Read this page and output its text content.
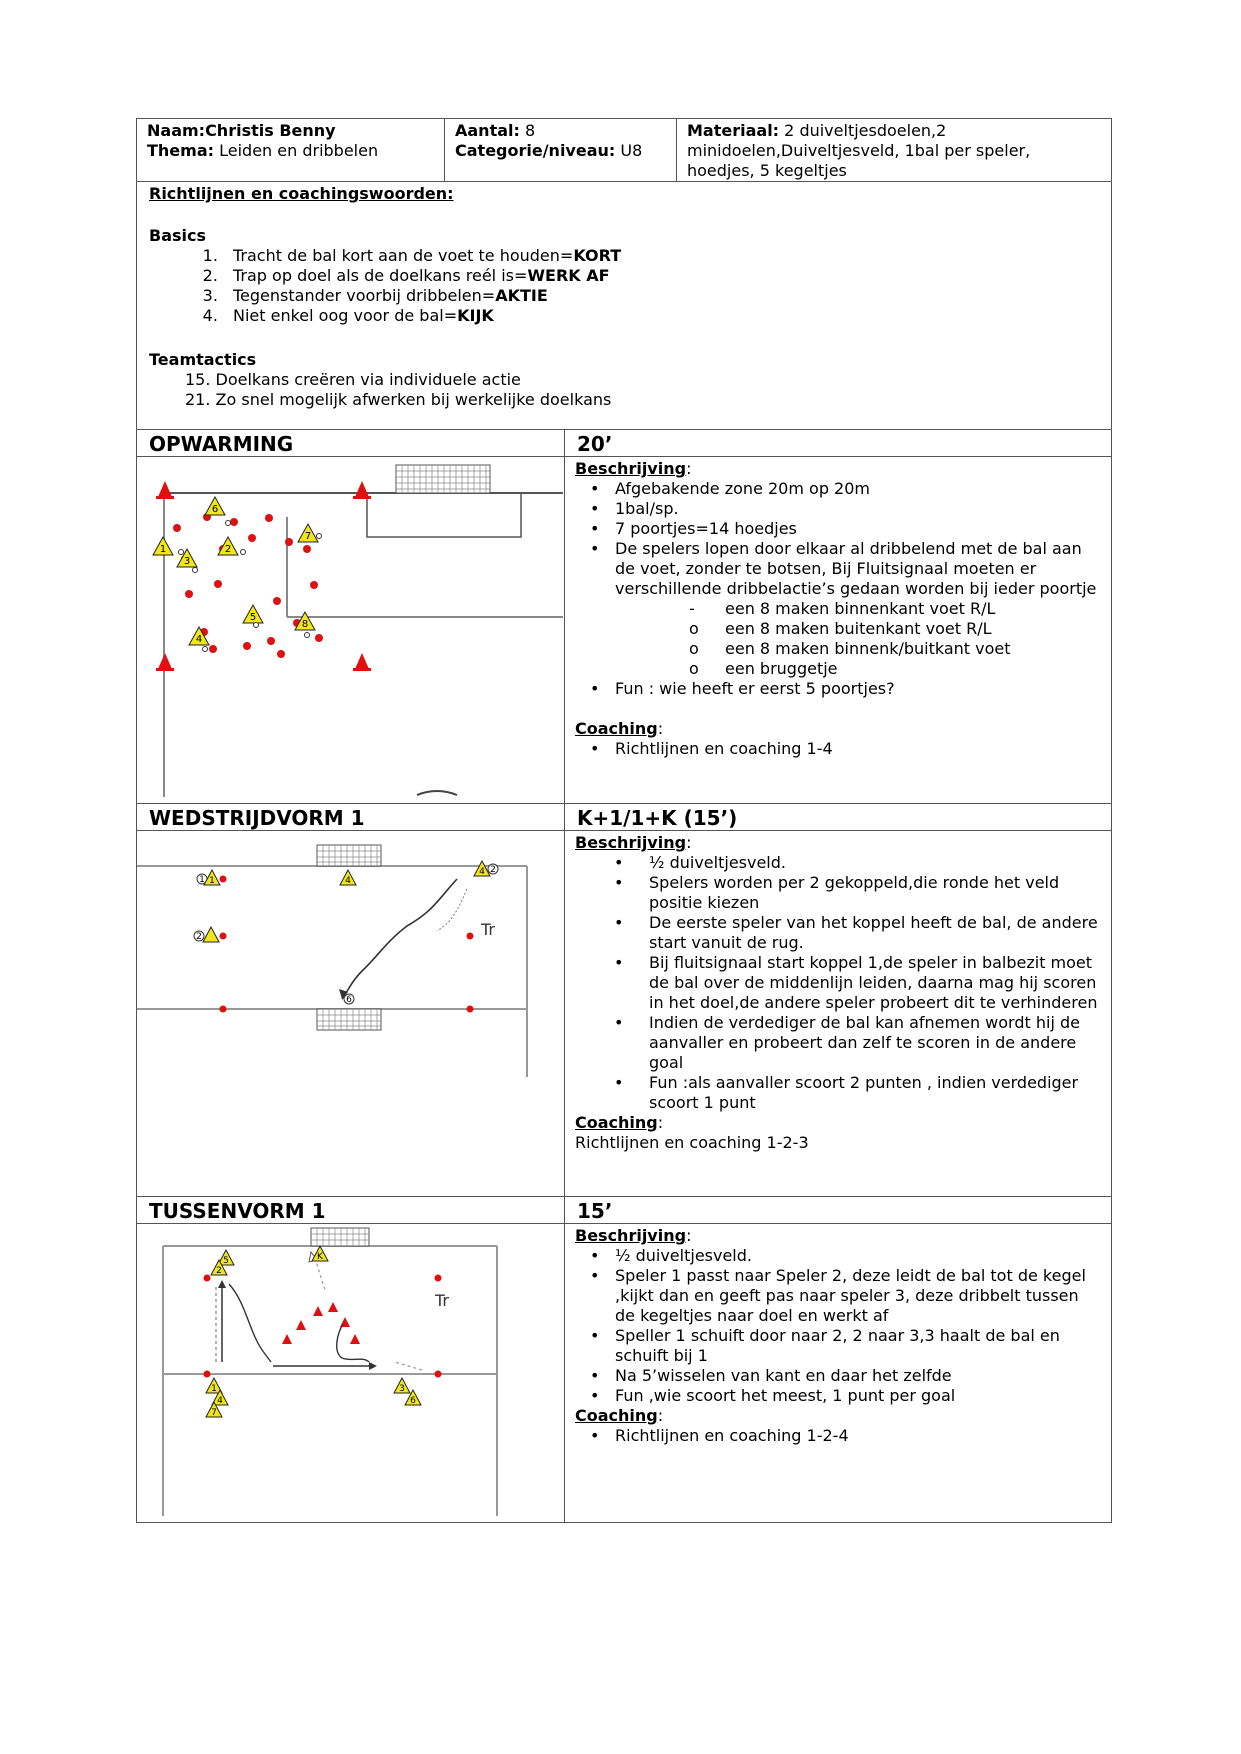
Naam:Christis Benny
Thema: Leiden en dribbelen
Aantal: 8
Categorie/niveau: U8
Materiaal: 2 duiveltjesdoelen,2 minidoelen,Duiveltjesveld, 1bal per speler, hoedjes, 5 kegeltjes
Richtlijnen en coachingswoorden:
Basics
1. Tracht de bal kort aan de voet te houden=KORT
2. Trap op doel als de doelkans reél is=WERK AF
3. Tegenstander voorbij dribbelen=AKTIE
4. Niet enkel oog voor de bal=KIJK
Teamtactics
15. Doelkans creëren via individuele actie
21. Zo snel mogelijk afwerken bij werkelijke doelkans
OPWARMING	20’
6
7
1	2
3
5
8
4
Beschrijving:
• Afgebakende zone 20m op 20m
• 1bal/sp.
• 7 poortjes=14 hoedjes
• De spelers lopen door elkaar al dribbelend met de bal aan de voet, zonder te botsen, Bij Fluitsignaal moeten er verschillende dribbelactie’s gedaan worden bij ieder poortje
- een 8 maken binnenkant voet R/L
o een 8 maken buitenkant voet R/L
o een 8 maken binnenk/buitkant voet
o een bruggetje
• Fun : wie heeft er eerst 5 poortjes?
Coaching:
• Richtlijnen en coaching 1-4
WEDSTRIJDVORM 1	K+1/1+K (15’)
Tr
1 1	4
4 2
2
6
Beschrijving:
• ½ duiveltjesveld.
• Spelers worden per 2 gekoppeld,die ronde het veld positie kiezen
• De eerste speler van het koppel heeft de bal, de andere start vanuit de rug.
• Bij fluitsignaal start koppel 1,de speler in balbezit moet de bal over de middenlijn leiden, daarna mag hij scoren in het doel,de andere speler probeert dit te verhinderen
• Indien de verdediger de bal kan afnemen wordt hij de aanvaller en probeert dan zelf te scoren in de andere goal
• Fun :als aanvaller scoort 2 punten , indien verdediger scoort 1 punt
Coaching:
Richtlijnen en coaching 1-2-3
TUSSENVORM 1	15’
Tr
5
2
K
1
4
7
3
6
Beschrijving:
• ½ duiveltjesveld.
• Speler 1 passt naar Speler 2, deze leidt de bal tot de kegel ,kijkt dan en geeft pas naar speler 3, deze dribbelt tussen de kegeltjes naar doel en werkt af
• Speller 1 schuift door naar 2, 2 naar 3,3 haalt de bal en schuift bij 1
• Na 5’wisselen van kant en daar het zelfde
• Fun ,wie scoort het meest, 1 punt per goal
Coaching:
• Richtlijnen en coaching 1-2-4
